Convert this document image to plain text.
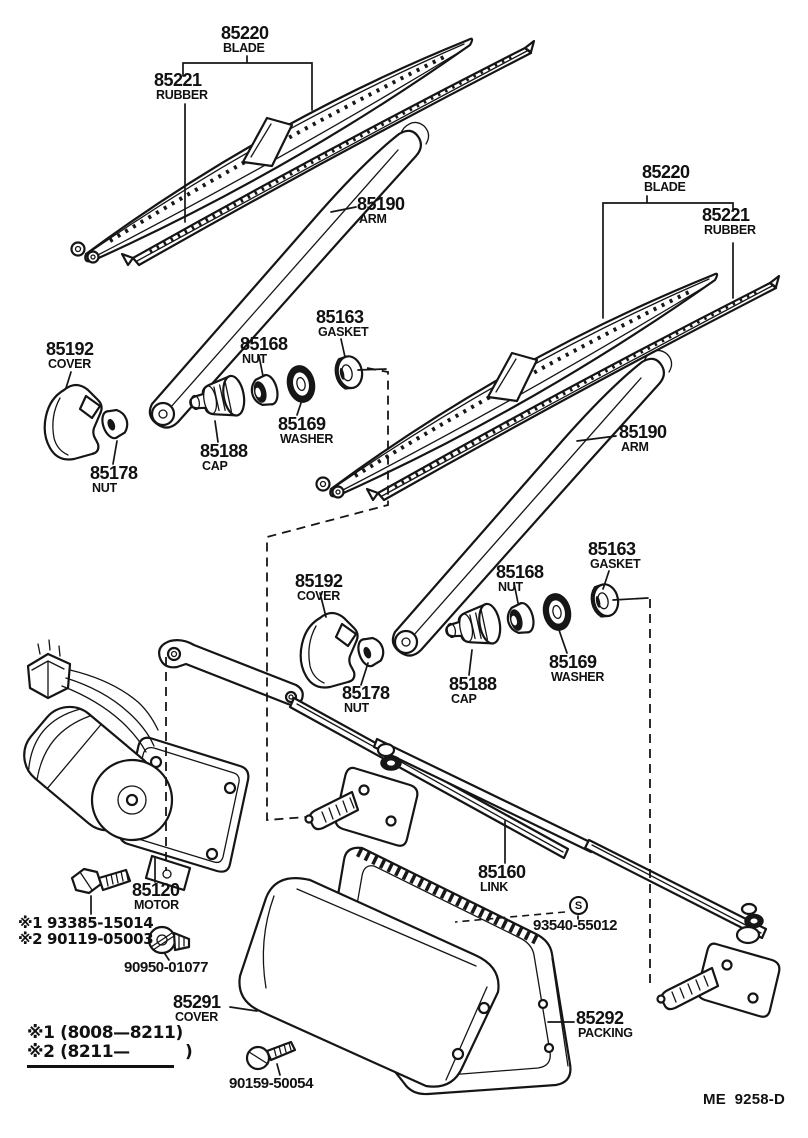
85220
BLADE
85221
RUBBER
85190
ARM
85192
COVER
85178
NUT
85188
CAP
85168
NUT
85169
WASHER
85163
GASKET
85220
BLADE
85221
RUBBER
85190
ARM
85192
COVER
85178
NUT
85188
CAP
85168
NUT
85169
WASHER
85163
GASKET
85120
MOTOR
85160
LINK
85291
COVER	85292
PACKING
※1 93385-15014
※2 90119-05003
90950-01077
93540-55012
S
90159-50054
※1 (8008—8211)
※2 (8211—          )
ME  9258-D
